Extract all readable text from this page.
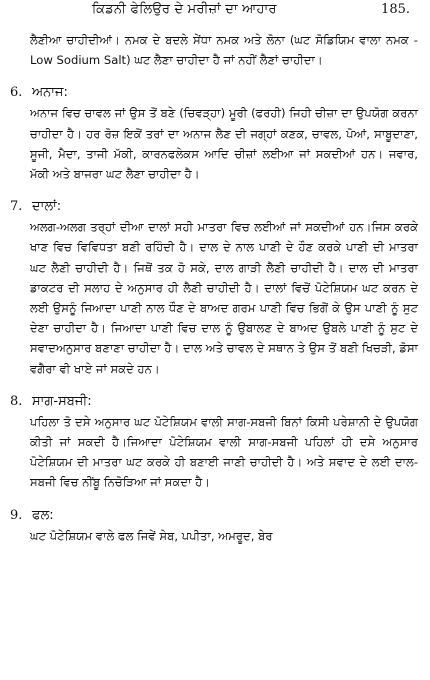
ਕਿਡਨੀ ਫੇਲਿਉਰ ਦੇ ਮਰੀਜ਼ਾਂ ਦਾ ਆਹਾਰ	185.

ਲੈਣੀਆ ਚਾਹੀਦੀਆਂ। ਨਮਕ ਦੇ ਬਦਲੇ ਸੇਂਧਾ ਨਮਕ ਅਤੇ ਲੋਨਾ (ਘਟ ਸੋਡਿਯਿਮ ਵਾਲਾ ਨਮਕ - Low Sodium Salt) ਘਟ ਲੈਣਾ ਚਾਹੀਦਾ ਹੈ ਜਾਂ ਨਹੀਂ ਲੈਣਾਂ ਚਾਹੀਦਾ।

6. ਅਨਾਜ:

ਅਨਾਜ ਵਿਚ ਚਾਵਲ ਜਾਂ ਉਸ ਤੋਂ ਬਣੇ (ਚਿਵੜ੍ਹਾ) ਮੂਰੀ (ਫਰਹੀ) ਜਿਹੀ ਚੀਜ਼ਾ ਦਾ ਉਪਯੋਗ ਕਰਨਾ ਚਾਹੀਦਾ ਹੈ। ਹਰ ਰੋਜ਼ ਇਕੋਂ ਤਰਾਂ ਦਾ ਅਨਾਜ ਲੈਣ ਦੀ ਜਗ੍ਹਾਂ ਕਣਕ, ਚਾਵਲ, ਪੋਆਂ, ਸਾਬੂਦਾਣਾ, ਸੂਜੀ, ਮੈਦਾ, ਤਾਜੀ ਮੱਕੀ, ਕਾਰਨਫਲੇਕਸ ਆਦਿ ਚੀਜ਼ਾਂ ਲਈਆ ਜਾਂ ਸਕਦੀਆਂ ਹਨ। ਜਵਾਰ, ਮੱਕੀ ਅਤੇ ਬਾਜਰਾ ਘਟ ਲੈਣਾ ਚਾਹੀਦਾ ਹੈ।

7. ਦਾਲਾਂ:

ਅਲਗ-ਅਲਗ ਤਰ੍ਹਾਂ ਦੀਆ ਦਾਲਾਂ ਸਹੀ ਮਾਤਰਾ ਵਿਚ ਲਈਆਂ ਜਾਂ ਸਕਦੀਆਂ ਹਨ।ਜਿਸ ਕਰਕੇ ਖਾਣ ਵਿਚ ਵਿਵਿਧਤਾ ਬਣੀ ਰਹਿੰਦੀ ਹੈ। ਦਾਲ ਦੇ ਨਾਲ ਪਾਣੀ ਦੇ ਹੌਣ ਕਰਕੇ ਪਾਣੀ ਦੀ ਮਾਤਰਾ ਘਟ ਲੈਣੀ ਚਾਹੀਦੀ ਹੈ। ਜਿਥੋਂ ਤਕ ਹੋ ਸਕੇ, ਦਾਲ ਗਾੜੀ ਲੈਣੀ ਚਾਹੀਦੀ ਹੈ। ਦਾਲ ਦੀ ਮਾਤਰਾ ਡਾਕਟਰ ਦੀ ਸਲਾਹ ਦੇ ਅਨੁਸਾਰ ਹੀ ਲੈਣੀ ਚਾਹੀਦੀ ਹੈ। ਦਾਲਾਂ ਵਿਚੋਂ ਪੋਟੇਸ਼ਿਯਮ ਘਟ ਕਰਨ ਦੇ ਲਈ ਉਸਨੂੰ ਜਿਆਦਾ ਪਾਣੀ ਨਾਲ ਧੌਣ ਦੇ ਬਾਅਦ ਗਰਮ ਪਾਣੀ ਵਿਚ ਭਿਗੋਂ ਕੇ ਉਸ ਪਾਣੀ ਨੂੰ ਸੁਟ ਦੇਣਾ ਚਾਹੀਦਾ ਹੈ। ਜਿਆਦਾ ਪਾਣੀ ਵਿਚ ਦਾਲ ਨੂੰ ਉਬਾਲਣ ਦੇ ਬਾਅਦ ਉਬਲੇ ਪਾਣੀ ਨੂੰ ਸੁਟ ਦੇ ਸਵਾਦਅਨੁਸਾਰ ਬਣਾਣਾ ਚਾਹੀਦਾ ਹੈ। ਦਾਲ ਅਤੇ ਚਾਵਲ ਦੇ ਸਥਾਨ ਤੇ ਉਸ ਤੋਂ ਬਣੀ ਖਿਚੜੀ, ਡੋਸਾ ਵਗੈਰਾ ਵੀ ਖਾਏ ਜਾਂ ਸਕਦੇ ਹਨ।

8. ਸਾਗ-ਸਬਜੀ:

ਪਹਿਲਾ ਤੋ ਦਸੇ ਅਨੁਸਾਰ ਘਟ ਪੋਟੇਸ਼ਿਯਮ ਵਾਲੀ ਸਾਗ-ਸਬਜੀ ਬਿਨਾਂ ਕਿਸੀ ਪਰੇਸ਼ਾਨੀ ਦੇ ਉਪਯੋਗ ਕੀਤੀ ਜਾਂ ਸਕਦੀ ਹੈ।ਜਿਆਦਾ ਪੋਟੇਸ਼ਿਯਮ ਵਾਲੀ ਸਾਗ-ਸਬਜੀ ਪਹਿਲਾਂ ਹੀ ਦਸੇ ਅਨੁਸਾਰ ਪੋਟੇਸ਼ਿਯਮ ਦੀ ਮਾਤਰਾ ਘਟ ਕਰਕੇ ਹੀ ਬਣਾਈ ਜਾਣੀ ਚਾਹੀਦੀ ਹੈ। ਅਤੇ ਸਵਾਦ ਦੇ ਲਈ ਦਾਲ-ਸਬਜੀ ਵਿਚ ਨੀਂਬੂ ਨਿਚੋੜਿਆ ਜਾਂ ਸਕਦਾ ਹੈ।

9. ਫਲ:

ਘਟ ਪੋਟੇਸ਼ਿਯਮ ਵਾਲੇ ਫਲ ਜਿਵੇਂ ਸੇਬ, ਪਪੀਤਾ, ਅਮਰੂਦ, ਬੇਰ
